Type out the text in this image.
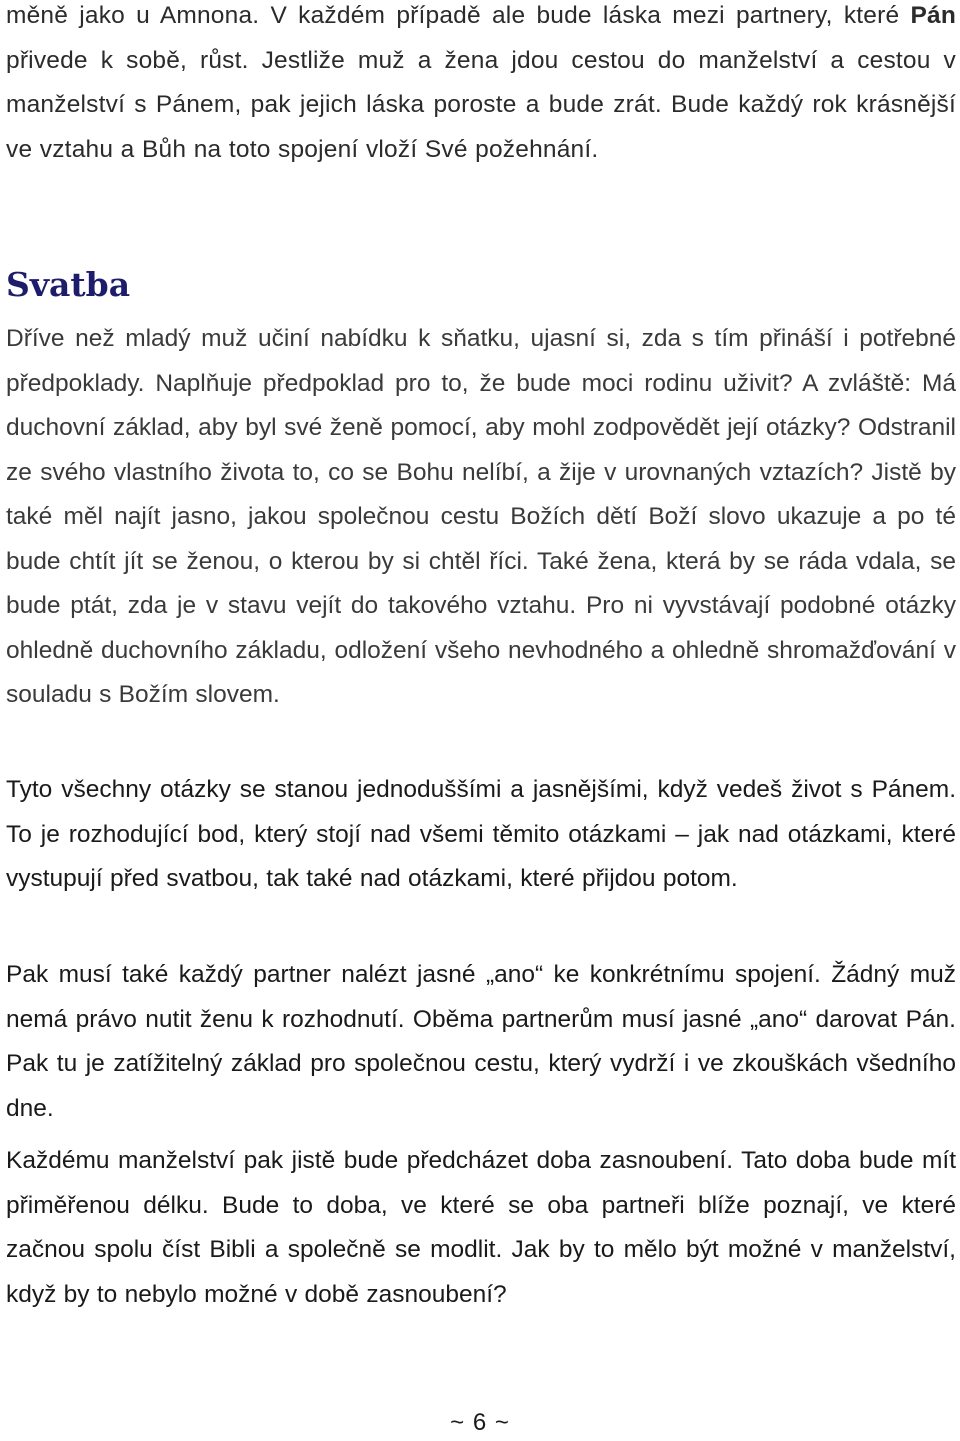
měně jako u Amnona. V každém případě ale bude láska mezi partnery, které Pán přivede k sobě, růst. Jestliže muž a žena jdou cestou do manželství a cestou v manželství s Pánem, pak jejich láska poroste a bude zrát. Bude každý rok krásnější ve vztahu a Bůh na toto spojení vloží Své požehnání.

Svatba

Dříve než mladý muž učiní nabídku k sňatku, ujasní si, zda s tím přináší i potřebné předpoklady. Naplňuje předpoklad pro to, že bude moci rodinu uživit? A zvláště: Má duchovní základ, aby byl své ženě pomocí, aby mohl zodpovědět její otázky? Odstranil ze svého vlastního života to, co se Bohu nelíbí, a žije v urovnaných vztazích? Jistě by také měl najít jasno, jakou společnou cestu Božích dětí Boží slovo ukazuje a po té bude chtít jít se ženou, o kterou by si chtěl říci. Také žena, která by se ráda vdala, se bude ptát, zda je v stavu vejít do takového vztahu. Pro ni vyvstávají podobné otázky ohledně duchovního základu, odložení všeho nevhodného a ohledně shromažďování v souladu s Božím slovem.

Tyto všechny otázky se stanou jednoduššími a jasnějšími, když vedeš život s Pánem. To je rozhodující bod, který stojí nad všemi těmito otázkami – jak nad otázkami, které vystupují před svatbou, tak také nad otázkami, které přijdou potom.

Pak musí také každý partner nalézt jasné „ano“ ke konkrétnímu spojení. Žádný muž nemá právo nutit ženu k rozhodnutí. Oběma partnerům musí jasné „ano“ darovat Pán. Pak tu je zatížitelný základ pro společnou cestu, který vydrží i ve zkouškách všedního dne.

Každému manželství pak jistě bude předcházet doba zasnoubení. Tato doba bude mít přiměřenou délku. Bude to doba, ve které se oba partneři blíže poznají, ve které začnou spolu číst Bibli a společně se modlit. Jak by to mělo být možné v manželství, když by to nebylo možné v době zasnoubení?

~ 6 ~
